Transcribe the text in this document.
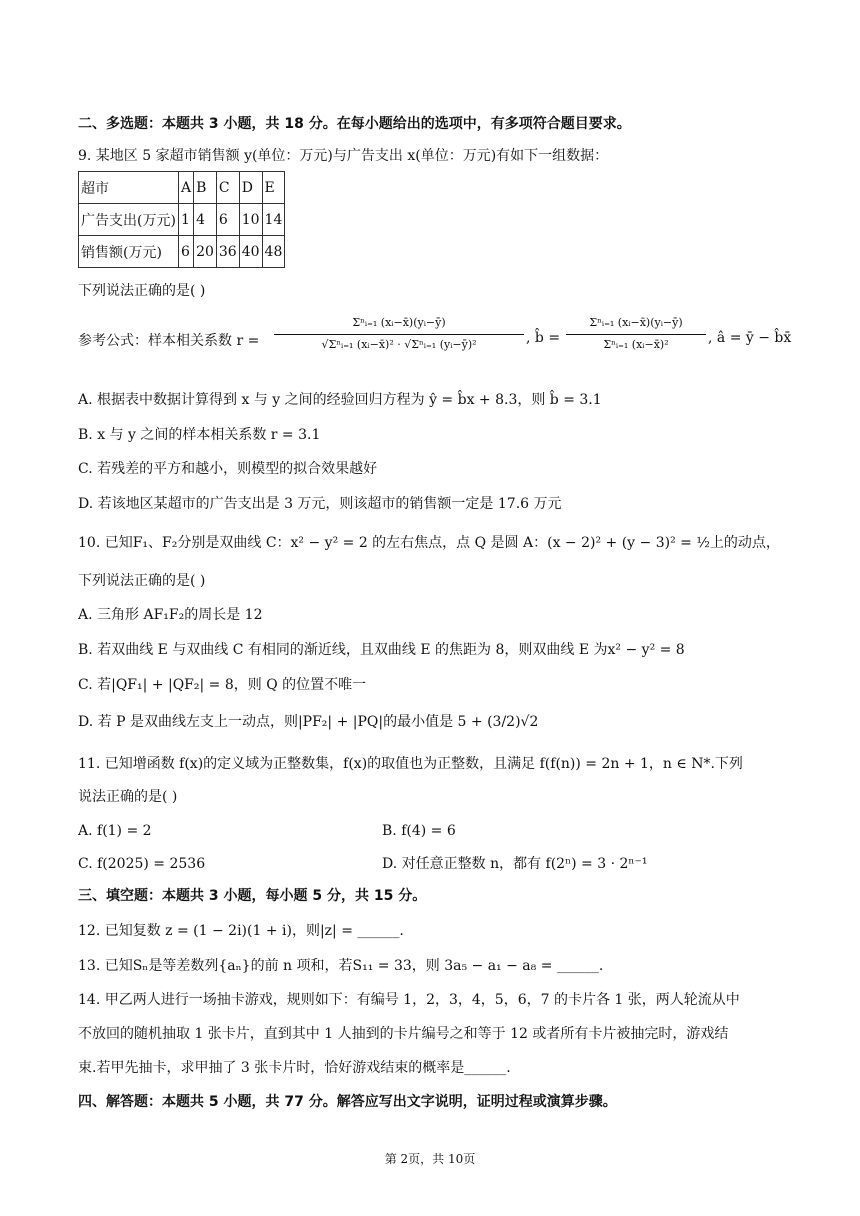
二、多选题：本题共 3 小题，共 18 分。在每小题给出的选项中，有多项符合题目要求。
9. 某地区 5 家超市销售额 y(单位：万元)与广告支出 x(单位：万元)有如下一组数据：
超市	A	B	C	D	E
广告支出(万元)	1	4	6	10	14
销售额(万元)	6	20	36	40	48
下列说法正确的是( )
参考公式：样本相关系数 r =
Σⁿᵢ₌₁ (xᵢ−x̄)(yᵢ−ȳ)
√Σⁿᵢ₌₁ (xᵢ−x̄)² · √Σⁿᵢ₌₁ (yᵢ−ȳ)²	, b̂ =
Σⁿᵢ₌₁ (xᵢ−x̄)(yᵢ−ȳ)
Σⁿᵢ₌₁ (xᵢ−x̄)²	, â = ȳ − b̂x̄
A. 根据表中数据计算得到 x 与 y 之间的经验回归方程为 ŷ = b̂x + 8.3，则 b̂ = 3.1
B. x 与 y 之间的样本相关系数 r = 3.1
C. 若残差的平方和越小，则模型的拟合效果越好
D. 若该地区某超市的广告支出是 3 万元，则该超市的销售额一定是 17.6 万元
10. 已知F₁、F₂分别是双曲线 C：x² − y² = 2 的左右焦点，点 Q 是圆 A：(x − 2)² + (y − 3)² = ½上的动点，
下列说法正确的是( )
A. 三角形 AF₁F₂的周长是 12
B. 若双曲线 E 与双曲线 C 有相同的渐近线，且双曲线 E 的焦距为 8，则双曲线 E 为x² − y² = 8
C. 若|QF₁| + |QF₂| = 8，则 Q 的位置不唯一
D. 若 P 是双曲线左支上一动点，则|PF₂| + |PQ|的最小值是 5 + (3/2)√2
11. 已知增函数 f(x)的定义域为正整数集，f(x)的取值也为正整数，且满足 f(f(n)) = 2n + 1，n ∈ N*.下列
说法正确的是( )
A. f(1) = 2	B. f(4) = 6
C. f(2025) = 2536	D. 对任意正整数 n，都有 f(2ⁿ) = 3 · 2ⁿ⁻¹
三、填空题：本题共 3 小题，每小题 5 分，共 15 分。
12. 已知复数 z = (1 − 2i)(1 + i)，则|z| = ______.
13. 已知Sₙ是等差数列{aₙ}的前 n 项和，若S₁₁ = 33，则 3a₅ − a₁ − a₈ = ______.
14. 甲乙两人进行一场抽卡游戏，规则如下：有编号 1，2，3，4，5，6，7 的卡片各 1 张，两人轮流从中
不放回的随机抽取 1 张卡片，直到其中 1 人抽到的卡片编号之和等于 12 或者所有卡片被抽完时，游戏结
束.若甲先抽卡，求甲抽了 3 张卡片时，恰好游戏结束的概率是______.
四、解答题：本题共 5 小题，共 77 分。解答应写出文字说明，证明过程或演算步骤。
第 2页，共 10页
